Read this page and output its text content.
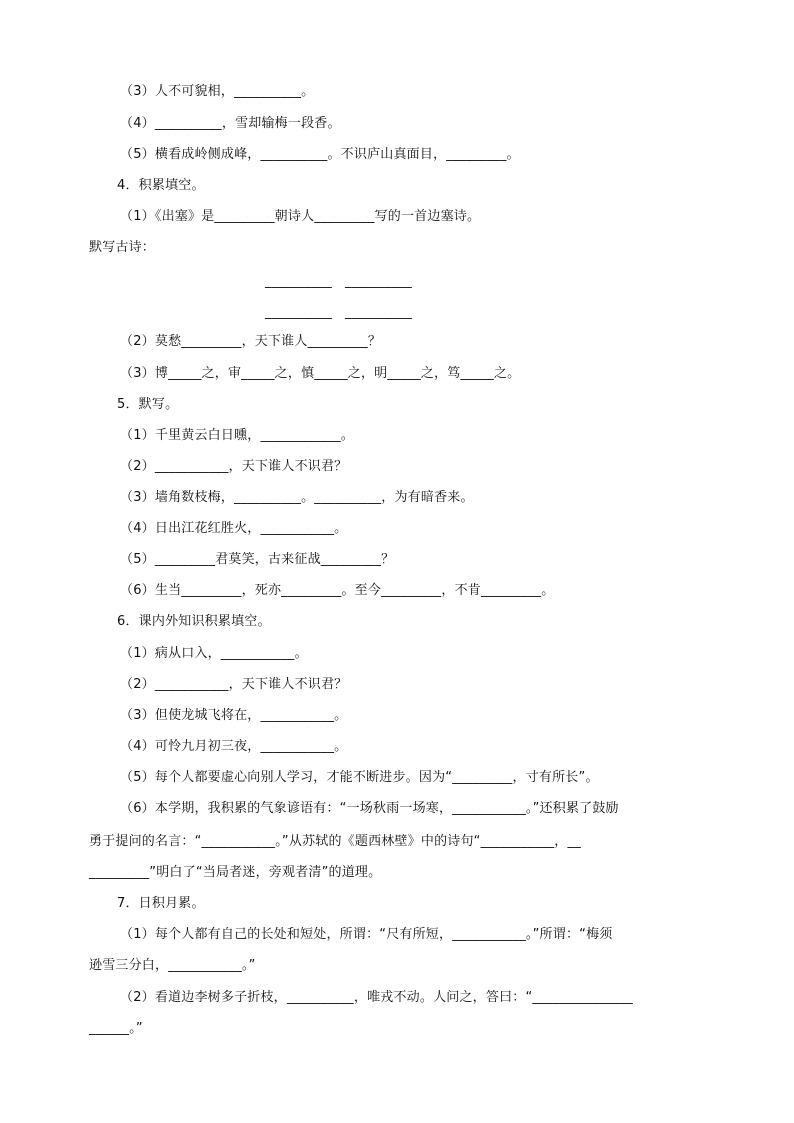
（3）人不可貌相，__________。
（4）__________，雪却输梅一段香。
（5）横看成岭侧成峰，__________。不识庐山真面目，_________。
4．积累填空。
（1）《出塞》是_________朝诗人_________写的一首边塞诗。
默写古诗：
__________   __________
__________   __________
（2）莫愁_________，天下谁人_________？
（3）博_____之，审_____之，慎_____之，明_____之，笃_____之。
5．默写。
（1）千里黄云白日曛，____________。
（2）___________，天下谁人不识君？
（3）墙角数枝梅，__________。__________，为有暗香来。
（4）日出江花红胜火，___________。
（5）_________君莫笑，古来征战_________？
（6）生当_________，死亦_________。至今_________，不肯_________。
6．课内外知识积累填空。
（1）病从口入，___________。
（2）___________，天下谁人不识君？
（3）但使龙城飞将在，___________。
（4）可怜九月初三夜，___________。
（5）每个人都要虚心向别人学习，才能不断进步。因为“_________，寸有所长”。
（6）本学期，我积累的气象谚语有：“一场秋雨一场寒，___________。”还积累了鼓励
勇于提问的名言：“___________。”从苏轼的《题西林壁》中的诗句“___________，__
_________”明白了“当局者迷，旁观者清”的道理。
7．日积月累。
（1）每个人都有自己的长处和短处，所谓：“尺有所短，___________。”所谓：“梅须
逊雪三分白，___________。”
（2）看道边李树多子折枝，__________，唯戎不动。人问之，答曰：“_______________
______。”
